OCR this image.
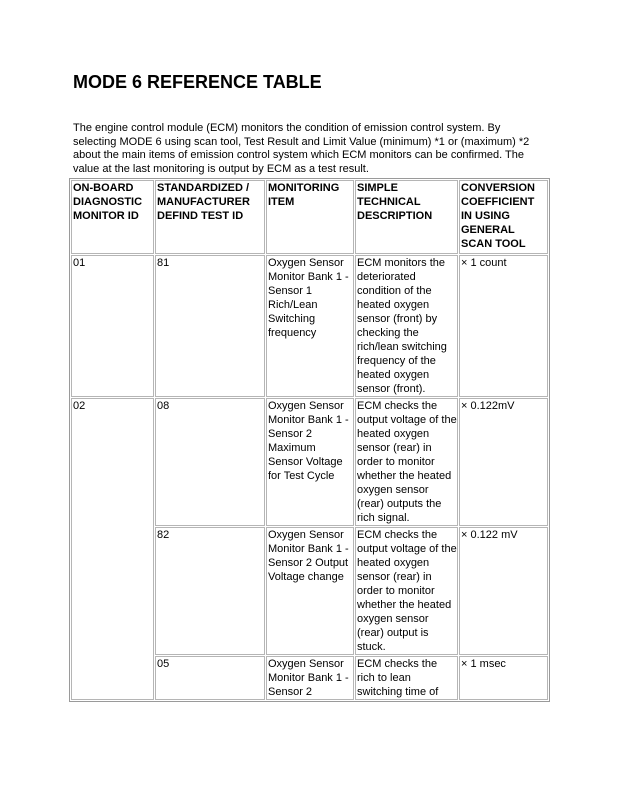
MODE 6 REFERENCE TABLE

The engine control module (ECM) monitors the condition of emission control system. By selecting MODE 6 using scan tool, Test Result and Limit Value (minimum) *1 or (maximum) *2 about the main items of emission control system which ECM monitors can be confirmed. The value at the last monitoring is output by ECM as a test result.

ON-BOARD DIAGNOSTIC MONITOR ID	STANDARDIZED / MANUFACTURER DEFIND TEST ID	MONITORING ITEM	SIMPLE TECHNICAL DESCRIPTION	CONVERSION COEFFICIENT IN USING GENERAL SCAN TOOL
01	81	Oxygen Sensor Monitor Bank 1 - Sensor 1 Rich/Lean Switching frequency	ECM monitors the deteriorated condition of the heated oxygen sensor (front) by checking the rich/lean switching frequency of the heated oxygen sensor (front).	× 1 count
02	08	Oxygen Sensor Monitor Bank 1 - Sensor 2 Maximum Sensor Voltage for Test Cycle	ECM checks the output voltage of the heated oxygen sensor (rear) in order to monitor whether the heated oxygen sensor (rear) outputs the rich signal.	× 0.122mV
	82	Oxygen Sensor Monitor Bank 1 - Sensor 2 Output Voltage change	ECM checks the output voltage of the heated oxygen sensor (rear) in order to monitor whether the heated oxygen sensor (rear) output is stuck.	× 0.122 mV
	05	Oxygen Sensor Monitor Bank 1 - Sensor 2	ECM checks the rich to lean switching time of	× 1 msec
